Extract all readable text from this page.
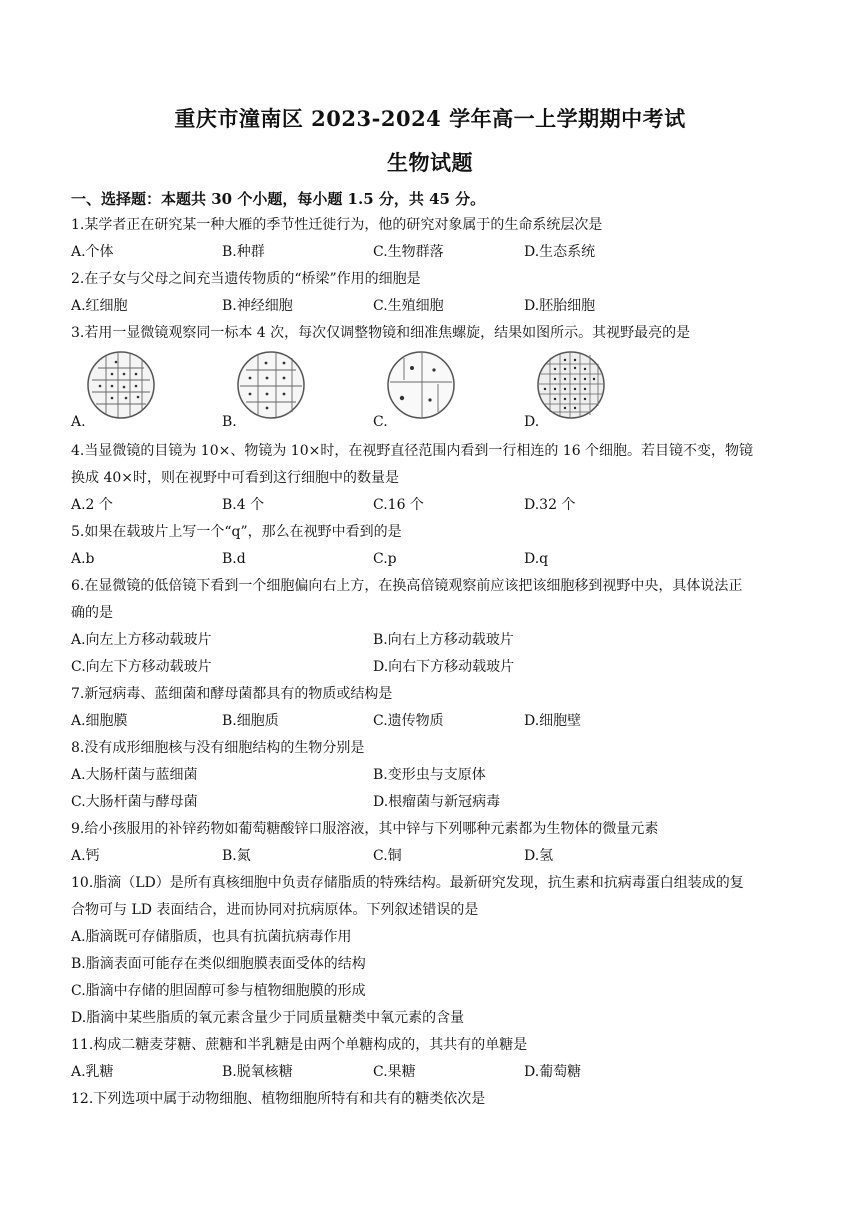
重庆市潼南区 2023-2024 学年高一上学期期中考试
生物试题
一、选择题：本题共 30 个小题，每小题 1.5 分，共 45 分。
1.某学者正在研究某一种大雁的季节性迁徙行为，他的研究对象属于的生命系统层次是
A.个体	B.种群	C.生物群落	D.生态系统
2.在子女与父母之间充当遗传物质的“桥梁”作用的细胞是
A.红细胞	B.神经细胞	C.生殖细胞	D.胚胎细胞
3.若用一显微镜观察同一标本 4 次，每次仅调整物镜和细准焦螺旋，结果如图所示。其视野最亮的是
A.	B.	C.	D.
4.当显微镜的目镜为 10×、物镜为 10×时，在视野直径范围内看到一行相连的 16 个细胞。若目镜不变，物镜
换成 40×时，则在视野中可看到这行细胞中的数量是
A.2 个	B.4 个	C.16 个	D.32 个
5.如果在载玻片上写一个“q”，那么在视野中看到的是
A.b	B.d	C.p	D.q
6.在显微镜的低倍镜下看到一个细胞偏向右上方，在换高倍镜观察前应该把该细胞移到视野中央，具体说法正
确的是
A.向左上方移动载玻片	B.向右上方移动载玻片
C.向左下方移动载玻片	D.向右下方移动载玻片
7.新冠病毒、蓝细菌和酵母菌都具有的物质或结构是
A.细胞膜	B.细胞质	C.遗传物质	D.细胞壁
8.没有成形细胞核与没有细胞结构的生物分别是
A.大肠杆菌与蓝细菌	B.变形虫与支原体
C.大肠杆菌与酵母菌	D.根瘤菌与新冠病毒
9.给小孩服用的补锌药物如葡萄糖酸锌口服溶液，其中锌与下列哪种元素都为生物体的微量元素
A.钙	B.氮	C.铜	D.氢
10.脂滴（LD）是所有真核细胞中负责存储脂质的特殊结构。最新研究发现，抗生素和抗病毒蛋白组装成的复
合物可与 LD 表面结合，进而协同对抗病原体。下列叙述错误的是
A.脂滴既可存储脂质，也具有抗菌抗病毒作用
B.脂滴表面可能存在类似细胞膜表面受体的结构
C.脂滴中存储的胆固醇可参与植物细胞膜的形成
D.脂滴中某些脂质的氧元素含量少于同质量糖类中氧元素的含量
11.构成二糖麦芽糖、蔗糖和半乳糖是由两个单糖构成的，其共有的单糖是
A.乳糖	B.脱氧核糖	C.果糖	D.葡萄糖
12.下列选项中属于动物细胞、植物细胞所特有和共有的糖类依次是
